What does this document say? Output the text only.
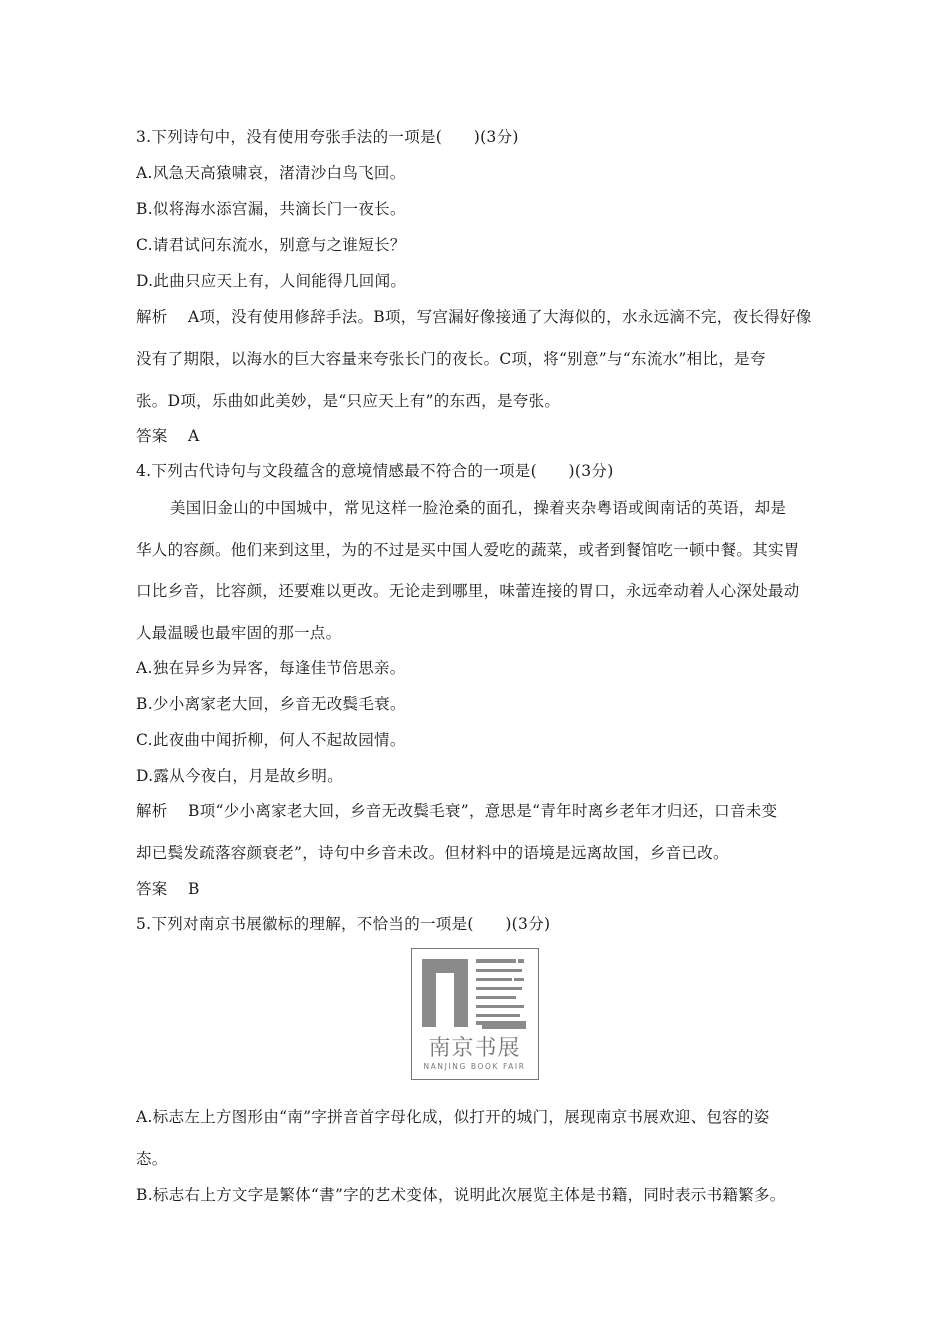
3.下列诗句中，没有使用夸张手法的一项是(　　)(3分)
A.风急天高猿啸哀，渚清沙白鸟飞回。
B.似将海水添宫漏，共滴长门一夜长。
C.请君试问东流水，别意与之谁短长？
D.此曲只应天上有，人间能得几回闻。
解析 A项，没有使用修辞手法。B项，写宫漏好像接通了大海似的，水永远滴不完，夜长得好像
没有了期限，以海水的巨大容量来夸张长门的夜长。C项，将“别意”与“东流水”相比，是夸
张。D项，乐曲如此美妙，是“只应天上有”的东西，是夸张。
答案 A
4.下列古代诗句与文段蕴含的意境情感最不符合的一项是(　　)(3分)
美国旧金山的中国城中，常见这样一脸沧桑的面孔，操着夹杂粤语或闽南话的英语，却是
华人的容颜。他们来到这里，为的不过是买中国人爱吃的蔬菜，或者到餐馆吃一顿中餐。其实胃
口比乡音，比容颜，还要难以更改。无论走到哪里，味蕾连接的胃口，永远牵动着人心深处最动
人最温暖也最牢固的那一点。
A.独在异乡为异客，每逢佳节倍思亲。
B.少小离家老大回，乡音无改鬓毛衰。
C.此夜曲中闻折柳，何人不起故园情。
D.露从今夜白，月是故乡明。
解析 B项“少小离家老大回，乡音无改鬓毛衰”，意思是“青年时离乡老年才归还，口音未变
却已鬓发疏落容颜衰老”，诗句中乡音未改。但材料中的语境是远离故国，乡音已改。
答案 B
5.下列对南京书展徽标的理解，不恰当的一项是(　　)(3分)
南京书展
NANJING BOOK FAIR
A.标志左上方图形由“南”字拼音首字母化成，似打开的城门，展现南京书展欢迎、包容的姿
态。
B.标志右上方文字是繁体“書”字的艺术变体，说明此次展览主体是书籍，同时表示书籍繁多。
